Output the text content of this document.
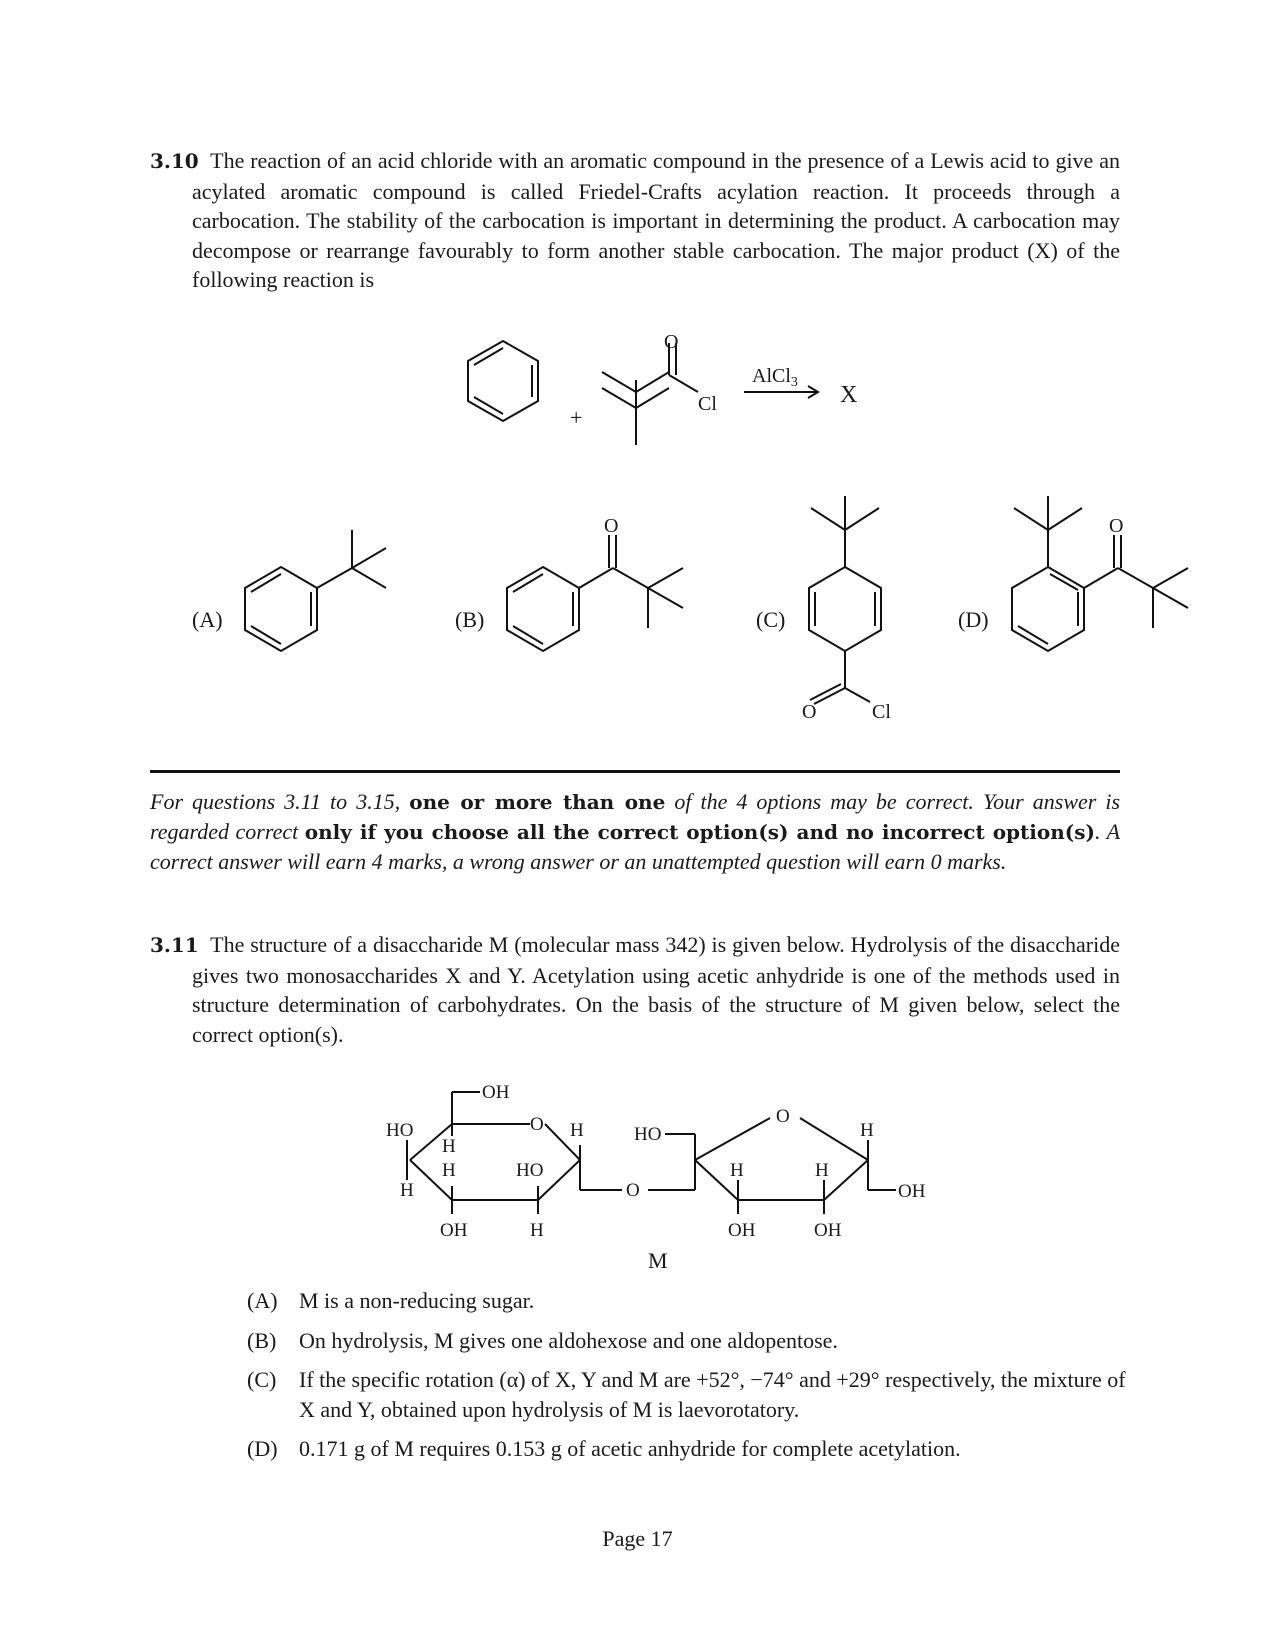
3.10 The reaction of an acid chloride with an aromatic compound in the presence of a Lewis acid to give an acylated aromatic compound is called Friedel-Crafts acylation reaction. It proceeds through a carbocation. The stability of the carbocation is important in determining the product. A carbocation may decompose or rearrange favourably to form another stable carbocation. The major product (X) of the following reaction is
+
O
Cl
AlCl$_3$ X
(A)	(B)
O
(C)
O	Cl
(D)
O
For questions 3.11 to 3.15, one or more than one of the 4 options may be correct. Your answer is regarded correct only if you choose all the correct option(s) and no incorrect option(s). A correct answer will earn 4 marks, a wrong answer or an unattempted question will earn 0 marks.
3.11 The structure of a disaccharide M (molecular mass 342) is given below. Hydrolysis of the disaccharide gives two monosaccharides X and Y. Acetylation using acetic anhydride is one of the methods used in structure determination of carbohydrates. On the basis of the structure of M given below, select the correct option(s).
OH
O
HO
H
H
H
HO
H
OH	H
O
HO
O
H	H
H
OH
OH	OH
M
(A) M is a non-reducing sugar.
(B) On hydrolysis, M gives one aldohexose and one aldopentose.
(C) If the specific rotation (α) of X, Y and M are +52°, −74° and +29° respectively, the mixture of X and Y, obtained upon hydrolysis of M is laevorotatory.
(D) 0.171 g of M requires 0.153 g of acetic anhydride for complete acetylation.
Page 17
